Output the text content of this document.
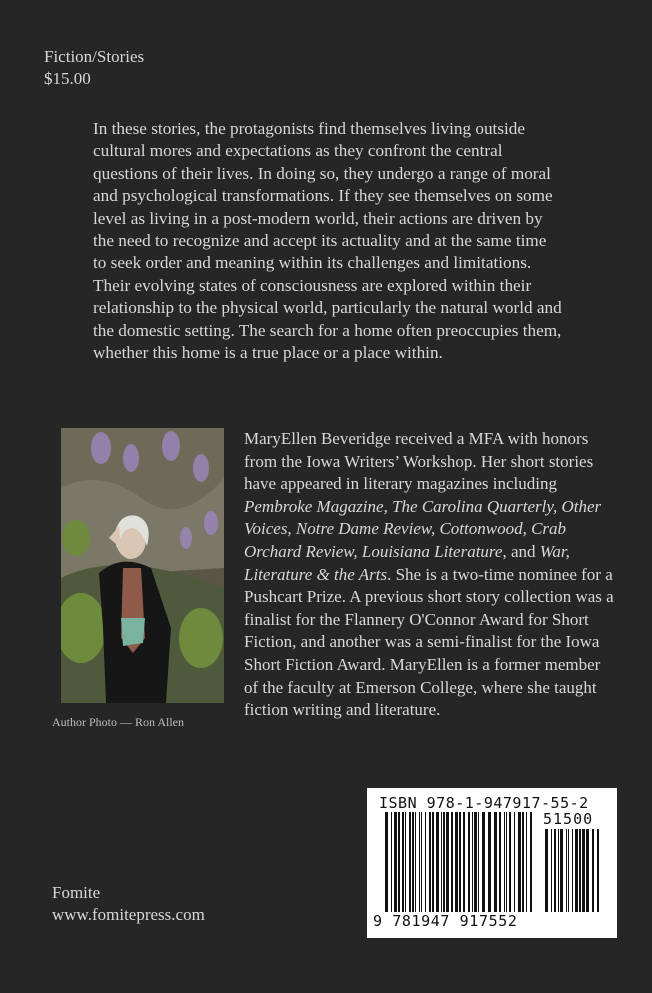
Fiction/Stories
$15.00
In these stories, the protagonists find themselves living outside cultural mores and expectations as they confront the central questions of their lives. In doing so, they undergo a range of moral and psychological transformations. If they see themselves on some level as living in a post-modern world, their actions are driven by the need to recognize and accept its actuality and at the same time to seek order and meaning within its challenges and limitations. Their evolving states of consciousness are explored within their relationship to the physical world, particularly the natural world and the domestic setting. The search for a home often preoccupies them, whether this home is a true place or a place within.
Author Photo — Ron Allen
MaryEllen Beveridge received a MFA with honors from the Iowa Writers’ Workshop. Her short stories have appeared in literary magazines including Pembroke Magazine, The Carolina Quarterly, Other Voices, Notre Dame Review, Cottonwood, Crab Orchard Review, Louisiana Literature, and War, Literature & the Arts. She is a two-time nominee for a Pushcart Prize. A previous short story collection was a finalist for the Flannery O'Connor Award for Short Fiction, and another was a semi-finalist for the Iowa Short Fiction Award. MaryEllen is a former member of the faculty at Emerson College, where she taught fiction writing and literature.
Fomite
www.fomitepress.com
ISBN 978-1-947917-55-2
51500
9 781947 917552
